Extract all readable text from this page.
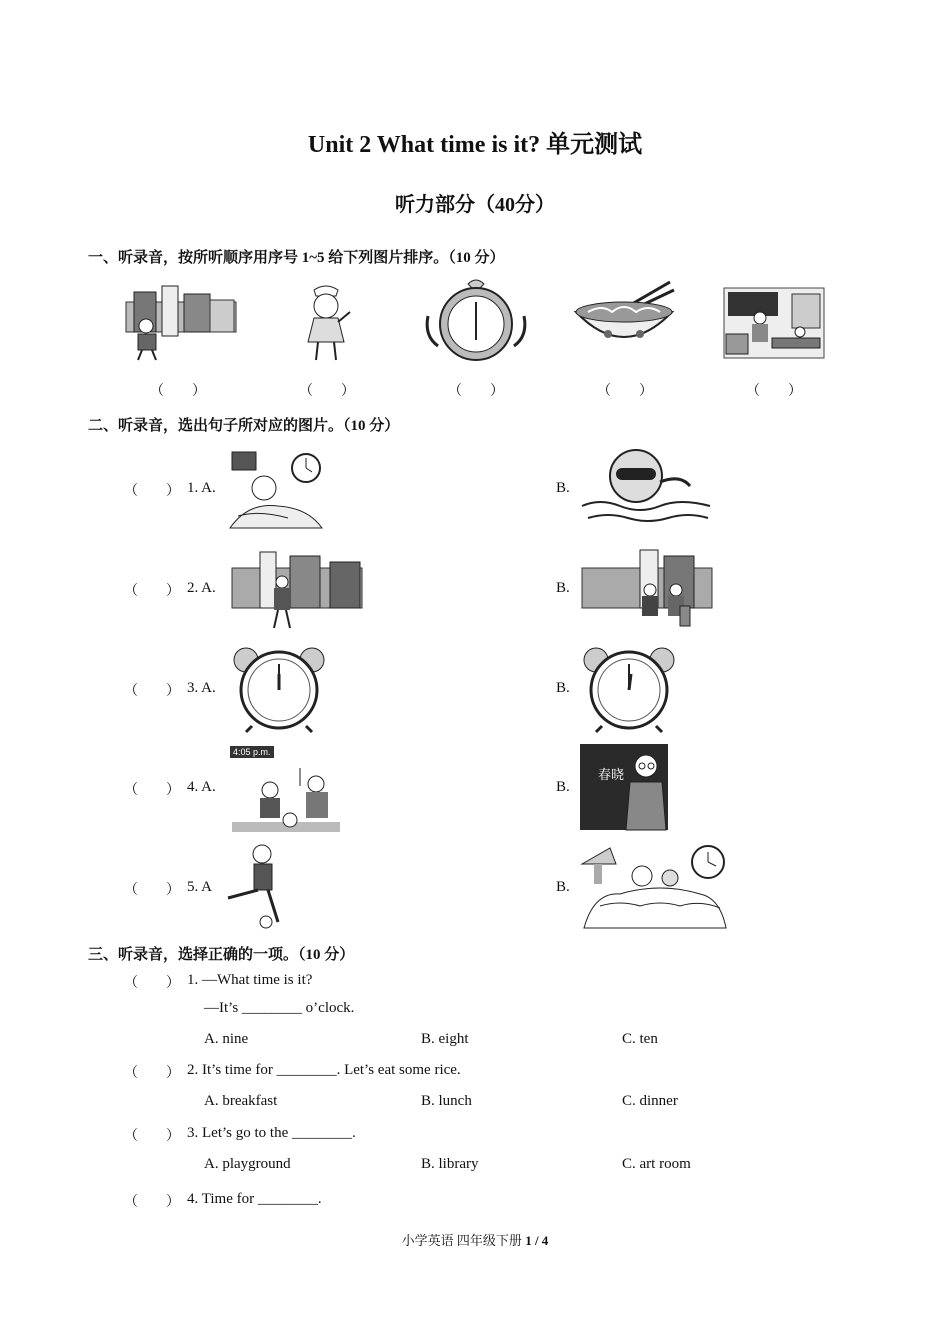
Unit 2 What time is it? 单元测试
听力部分（40分）
一、听录音，按所听顺序用序号 1~5 给下列图片排序。（10 分）
（　　）	（　　）	（　　）	（　　）	（　　）
二、听录音，选出句子所对应的图片。（10 分）
（　　） 1. A.	B.
（　　） 2. A.	B.
（　　） 3. A.	B.
（　　） 4. A.
4:05 p.m.
B.
春晓
（　　） 5. A	B.
三、听录音，选择正确的一项。（10 分）
（　　） 1. —What time is it?
—It’s ________ o’clock.
A. nine	B. eight	C. ten
（　　） 2. It’s time for ________. Let’s eat some rice.
A. breakfast	B. lunch	C. dinner
（　　） 3. Let’s go to the ________.
A. playground	B. library	C. art room
（　　） 4. Time for ________.
小学英语 四年级下册 1 / 4
